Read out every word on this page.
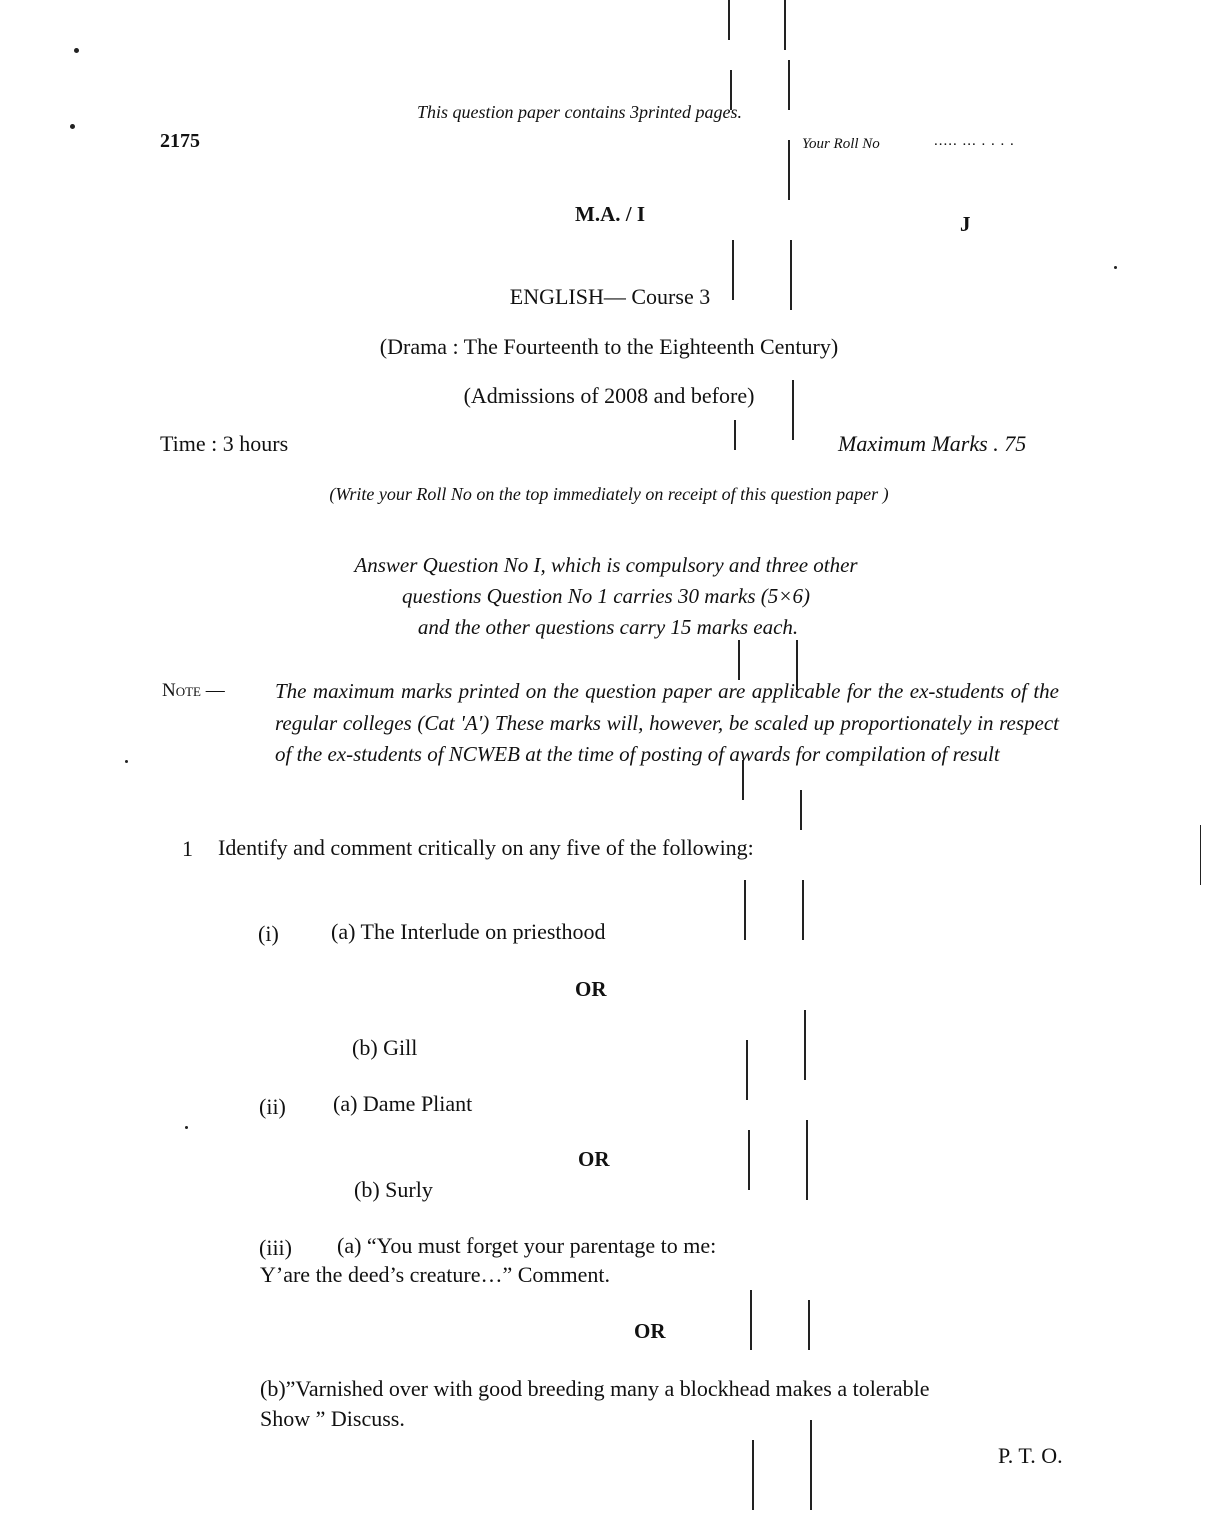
This question paper contains 3printed pages.
2175	Your Roll No	..... ... . . . .
M.A. / I	J
ENGLISH— Course 3
(Drama : The Fourteenth to the Eighteenth Century)
(Admissions of 2008 and before)
Time : 3 hours	Maximum Marks . 75
(Write your Roll No on the top immediately on receipt of this question paper )
Answer Question No I, which is compulsory and three other
questions Question No 1 carries 30 marks (5×6)
and the other questions carry 15 marks each.
Note — The maximum marks printed on the question paper are applicable for the ex-students of the regular colleges (Cat 'A') These marks will, however, be scaled up proportionately in respect of the ex-students of NCWEB at the time of posting of awards for compilation of result
1 Identify and comment critically on any five of the following:
(i) (a) The Interlude on priesthood
OR
(b) Gill
(ii) (a) Dame Pliant
OR
(b) Surly
(iii) (a) “You must forget your parentage to me:
Y’are the deed’s creature…” Comment.
OR
(b)”Varnished over with good breeding many a blockhead makes a tolerable
Show ” Discuss.
P. T. O.
